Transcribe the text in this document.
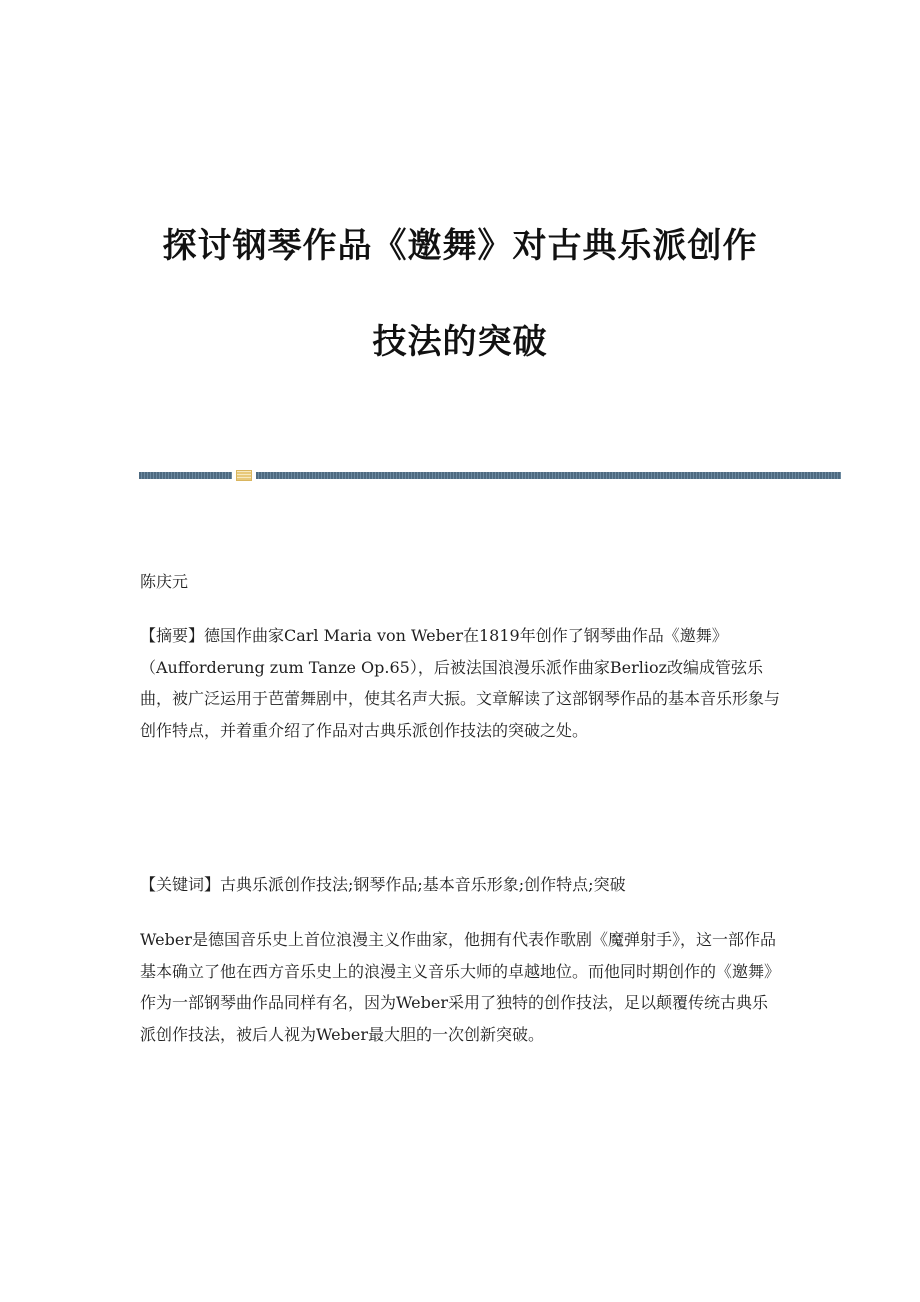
探讨钢琴作品《邀舞》对古典乐派创作
技法的突破

陈庆元

【摘要】德国作曲家Carl Maria von Weber在1819年创作了钢琴曲作品《邀舞》（Aufforderung zum Tanze Op.65），后被法国浪漫乐派作曲家Berlioz改编成管弦乐曲，被广泛运用于芭蕾舞剧中，使其名声大振。文章解读了这部钢琴作品的基本音乐形象与创作特点，并着重介绍了作品对古典乐派创作技法的突破之处。

【关键词】古典乐派创作技法;钢琴作品;基本音乐形象;创作特点;突破

Weber是德国音乐史上首位浪漫主义作曲家，他拥有代表作歌剧《魔弹射手》，这一部作品基本确立了他在西方音乐史上的浪漫主义音乐大师的卓越地位。而他同时期创作的《邀舞》作为一部钢琴曲作品同样有名，因为Weber采用了独特的创作技法，足以颠覆传统古典乐派创作技法，被后人视为Weber最大胆的一次创新突破。
